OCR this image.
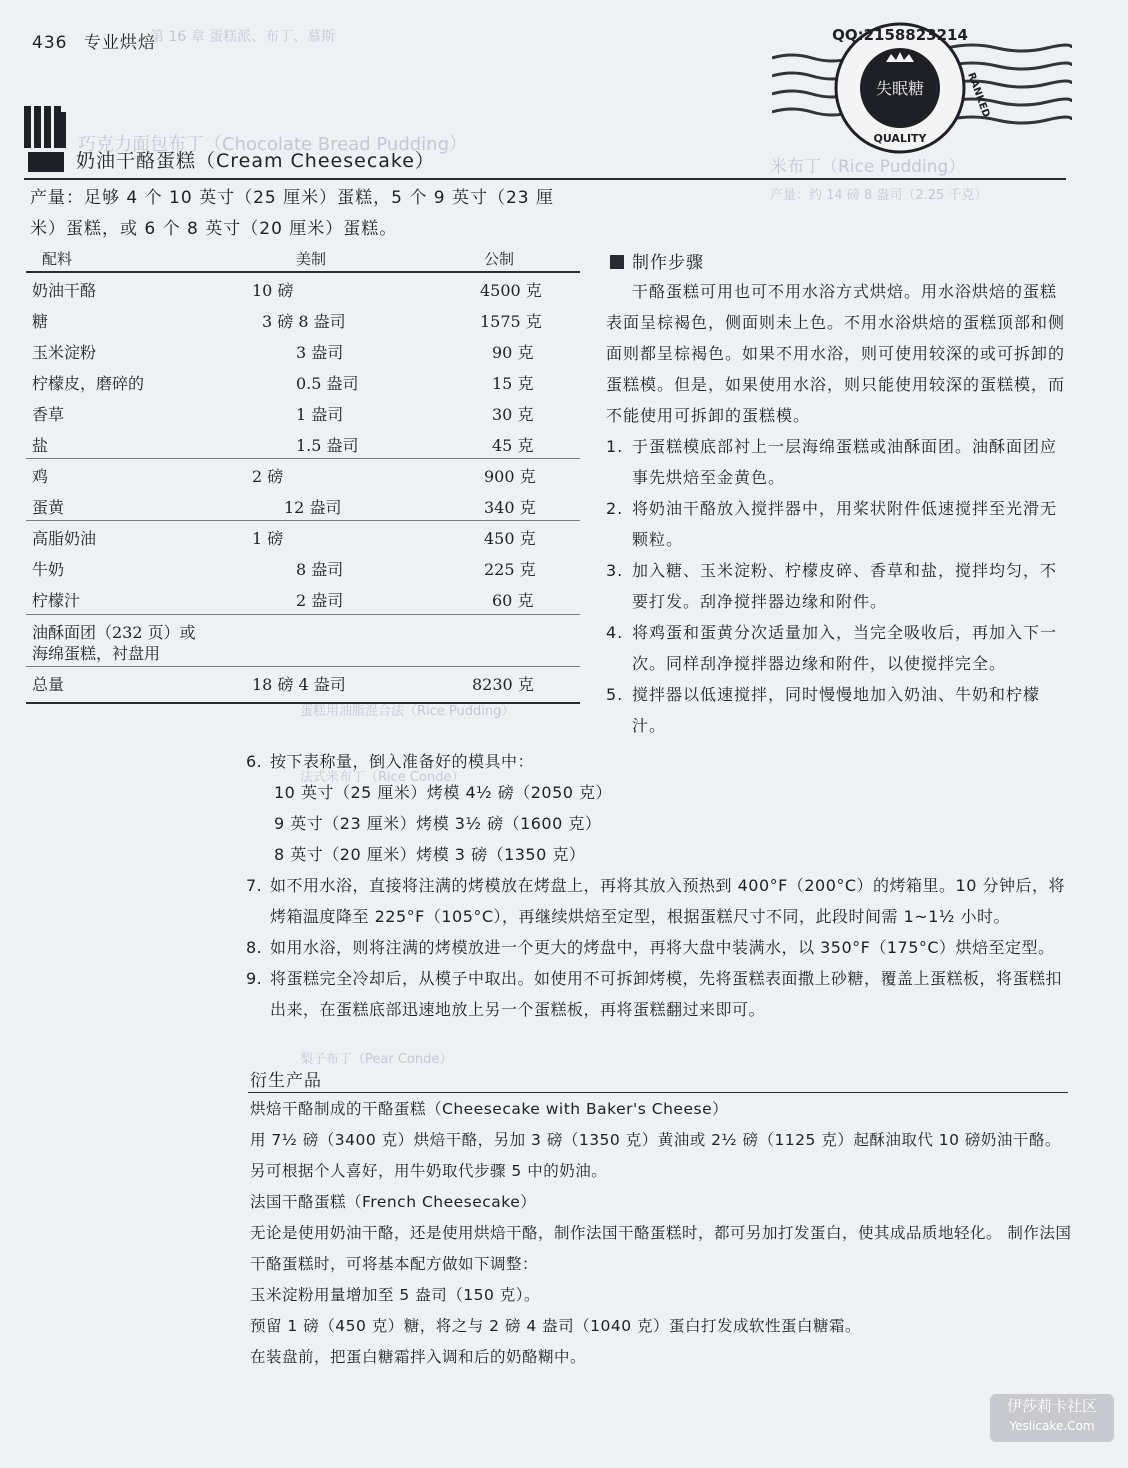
第 16 章 蛋糕派、布丁、慕斯
巧克力面包布丁（Chocolate Bread Pudding）
米布丁（Rice Pudding）
产量：约 14 磅 8 盎司（2.25 千克）
蛋糕用油脂混合法（Rice Pudding）
法式米布丁（Rice Conde）
梨子布丁（Pear Conde）
436 专业烘焙
奶油干酪蛋糕（Cream Cheesecake）
产量：足够 4 个 10 英寸（25 厘米）蛋糕，5 个 9 英寸（23 厘米）蛋糕，或 6 个 8 英寸（20 厘米）蛋糕。
配料	美制	公制
奶油干酪	10 磅	4500 克
糖	3 磅 8 盎司	1575 克
玉米淀粉	3 盎司	90 克
柠檬皮，磨碎的	0.5 盎司	15 克
香草	1 盎司	30 克
盐	1.5 盎司	45 克
鸡	2 磅	900 克
蛋黄	12 盎司	340 克
高脂奶油	1 磅	450 克
牛奶	8 盎司	225 克
柠檬汁	2 盎司	60 克
油酥面团（232 页）或
海绵蛋糕，衬盘用
总量	18 磅 4 盎司	8230 克
制作步骤
干酪蛋糕可用也可不用水浴方式烘焙。用水浴烘焙的蛋糕表面呈棕褐色，侧面则未上色。不用水浴烘焙的蛋糕顶部和侧面则都呈棕褐色。如果不用水浴，则可使用较深的或可拆卸的蛋糕模。但是，如果使用水浴，则只能使用较深的蛋糕模，而不能使用可拆卸的蛋糕模。
1. 于蛋糕模底部衬上一层海绵蛋糕或油酥面团。油酥面团应事先烘焙至金黄色。
2. 将奶油干酪放入搅拌器中，用桨状附件低速搅拌至光滑无颗粒。
3. 加入糖、玉米淀粉、柠檬皮碎、香草和盐，搅拌均匀，不要打发。刮净搅拌器边缘和附件。
4. 将鸡蛋和蛋黄分次适量加入，当完全吸收后，再加入下一次。同样刮净搅拌器边缘和附件，以使搅拌完全。
5. 搅拌器以低速搅拌，同时慢慢地加入奶油、牛奶和柠檬汁。
6. 按下表称量，倒入准备好的模具中：
10 英寸（25 厘米）烤模 4½ 磅（2050 克）
9 英寸（23 厘米）烤模 3½ 磅（1600 克）
8 英寸（20 厘米）烤模 3 磅（1350 克）
7. 如不用水浴，直接将注满的烤模放在烤盘上，再将其放入预热到 400°F（200°C）的烤箱里。10 分钟后，将烤箱温度降至 225°F（105°C），再继续烘焙至定型，根据蛋糕尺寸不同，此段时间需 1~1½ 小时。
8. 如用水浴，则将注满的烤模放进一个更大的烤盘中，再将大盘中装满水，以 350°F（175°C）烘焙至定型。
9. 将蛋糕完全冷却后，从模子中取出。如使用不可拆卸烤模，先将蛋糕表面撒上砂糖，覆盖上蛋糕板，将蛋糕扣出来，在蛋糕底部迅速地放上另一个蛋糕板，再将蛋糕翻过来即可。
衍生产品
烘焙干酪制成的干酪蛋糕（Cheesecake with Baker's Cheese）
用 7½ 磅（3400 克）烘焙干酪，另加 3 磅（1350 克）黄油或 2½ 磅（1125 克）起酥油取代 10 磅奶油干酪。另可根据个人喜好，用牛奶取代步骤 5 中的奶油。
法国干酪蛋糕（French Cheesecake）
无论是使用奶油干酪，还是使用烘焙干酪，制作法国干酪蛋糕时，都可另加打发蛋白，使其成品质地轻化。 制作法国干酪蛋糕时，可将基本配方做如下调整：
玉米淀粉用量增加至 5 盎司（150 克）。
预留 1 磅（450 克）糖，将之与 2 磅 4 盎司（1040 克）蛋白打发成软性蛋白糖霜。
在装盘前，把蛋白糖霜拌入调和后的奶酪糊中。
QQ:2158823214
失眠糖
QUALITY
RANKED
伊莎莉卡社区
Yeslicake.Com
